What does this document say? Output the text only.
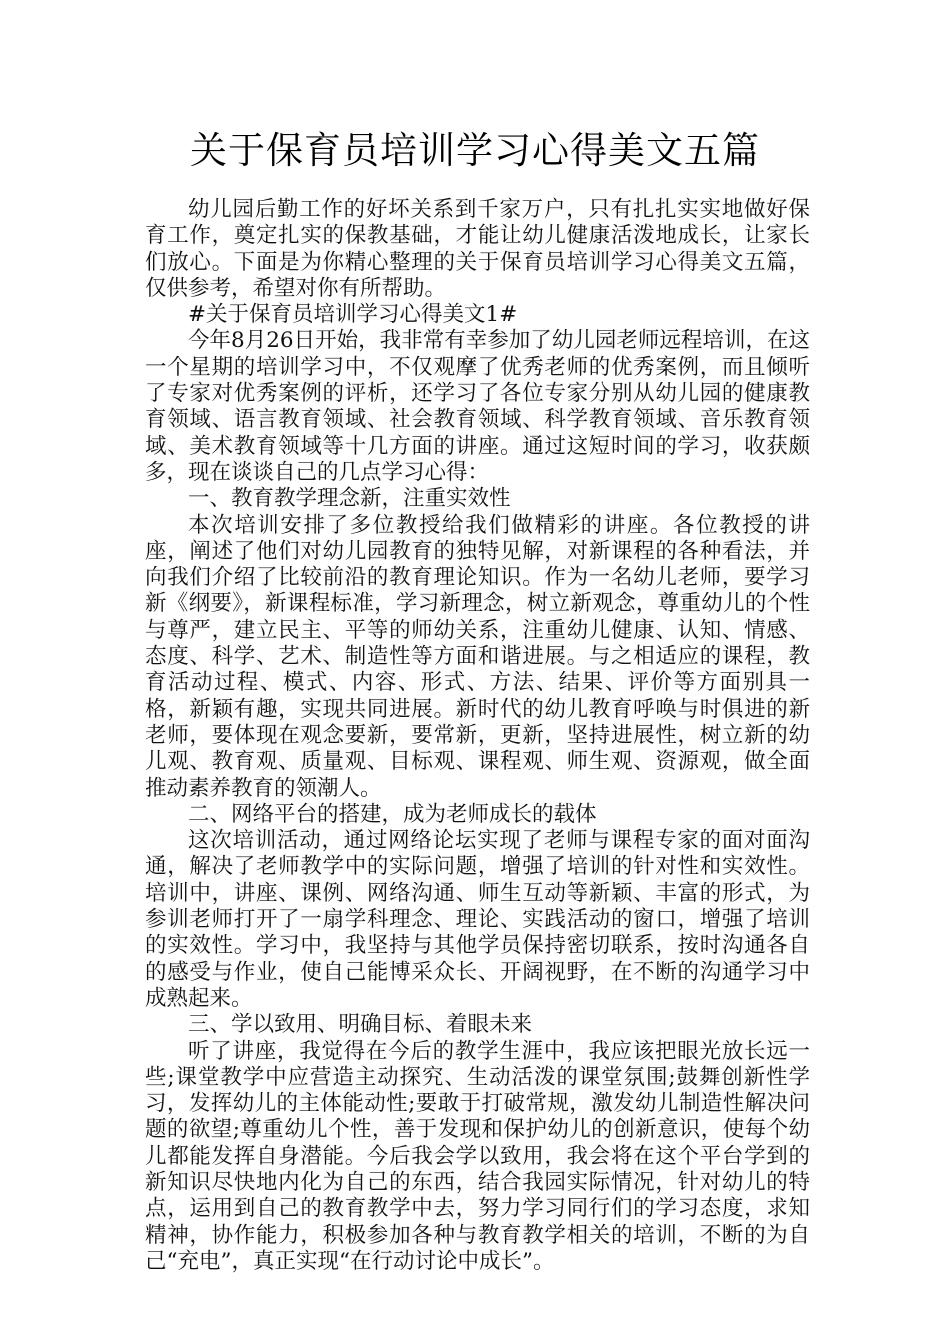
关于保育员培训学习心得美文五篇

幼儿园后勤工作的好坏关系到千家万户，只有扎扎实实地做好保育工作，奠定扎实的保教基础，才能让幼儿健康活泼地成长，让家长们放心。下面是为你精心整理的关于保育员培训学习心得美文五篇，仅供参考，希望对你有所帮助。

#关于保育员培训学习心得美文1#

今年8月26日开始，我非常有幸参加了幼儿园老师远程培训，在这一个星期的培训学习中，不仅观摩了优秀老师的优秀案例，而且倾听了专家对优秀案例的评析，还学习了各位专家分别从幼儿园的健康教育领域、语言教育领域、社会教育领域、科学教育领域、音乐教育领域、美术教育领域等十几方面的讲座。通过这短时间的学习，收获颇多，现在谈谈自己的几点学习心得：

一、教育教学理念新，注重实效性

本次培训安排了多位教授给我们做精彩的讲座。各位教授的讲座，阐述了他们对幼儿园教育的独特见解，对新课程的各种看法，并向我们介绍了比较前沿的教育理论知识。作为一名幼儿老师，要学习新《纲要》，新课程标准，学习新理念，树立新观念，尊重幼儿的个性与尊严，建立民主、平等的师幼关系，注重幼儿健康、认知、情感、态度、科学、艺术、制造性等方面和谐进展。与之相适应的课程，教育活动过程、模式、内容、形式、方法、结果、评价等方面别具一格，新颖有趣，实现共同进展。新时代的幼儿教育呼唤与时俱进的新老师，要体现在观念要新，要常新，更新，坚持进展性，树立新的幼儿观、教育观、质量观、目标观、课程观、师生观、资源观，做全面推动素养教育的领潮人。

二、网络平台的搭建，成为老师成长的载体

这次培训活动，通过网络论坛实现了老师与课程专家的面对面沟通，解决了老师教学中的实际问题，增强了培训的针对性和实效性。培训中，讲座、课例、网络沟通、师生互动等新颖、丰富的形式，为参训老师打开了一扇学科理念、理论、实践活动的窗口，增强了培训的实效性。学习中，我坚持与其他学员保持密切联系，按时沟通各自的感受与作业，使自己能博采众长、开阔视野，在不断的沟通学习中成熟起来。

三、学以致用、明确目标、着眼未来

听了讲座，我觉得在今后的教学生涯中，我应该把眼光放长远一些;课堂教学中应营造主动探究、生动活泼的课堂氛围;鼓舞创新性学习，发挥幼儿的主体能动性;要敢于打破常规，激发幼儿制造性解决问题的欲望;尊重幼儿个性，善于发现和保护幼儿的创新意识，使每个幼儿都能发挥自身潜能。今后我会学以致用，我会将在这个平台学到的新知识尽快地内化为自己的东西，结合我园实际情况，针对幼儿的特点，运用到自己的教育教学中去，努力学习同行们的学习态度，求知精神，协作能力，积极参加各种与教育教学相关的培训，不断的为自己“充电”，真正实现“在行动讨论中成长”。
